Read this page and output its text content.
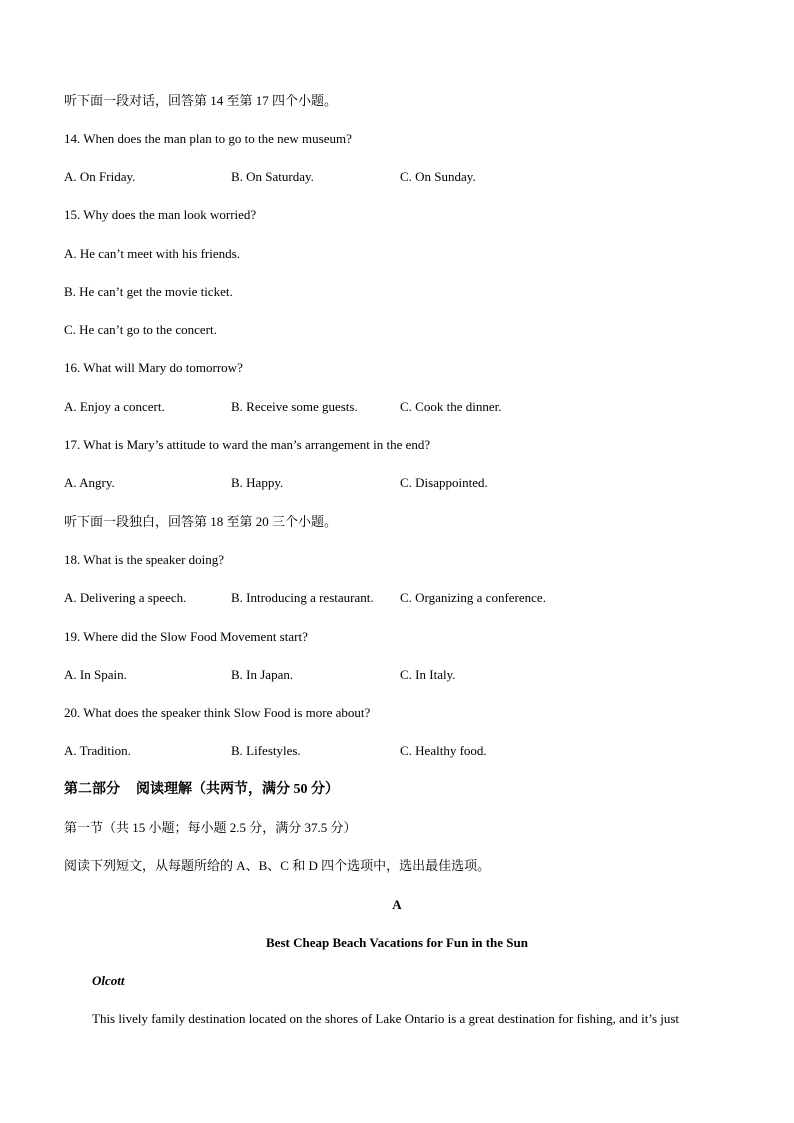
听下面一段对话，回答第 14 至第 17 四个小题。
14. When does the man plan to go to the new museum?
A. On Friday.	B. On Saturday.	C. On Sunday.
15. Why does the man look worried?
A. He can’t meet with his friends.
B. He can’t get the movie ticket.
C. He can’t go to the concert.
16. What will Mary do tomorrow?
A. Enjoy a concert.	B. Receive some guests.	C. Cook the dinner.
17. What is Mary’s attitude to ward the man’s arrangement in the end?
A. Angry.	B. Happy.	C. Disappointed.
听下面一段独白，回答第 18 至第 20 三个小题。
18. What is the speaker doing?
A. Delivering a speech.	B. Introducing a restaurant. C. Organizing a conference.
19. Where did the Slow Food Movement start?
A. In Spain.	B. In Japan.	C. In Italy.
20. What does the speaker think Slow Food is more about?
A. Tradition.	B. Lifestyles.	C. Healthy food.
第二部分 阅读理解（共两节，满分 50 分）
第一节（共 15 小题；每小题 2.5 分，满分 37.5 分）
阅读下列短文，从每题所给的 A、B、C 和 D 四个选项中，选出最佳选项。
A
Best Cheap Beach Vacations for Fun in the Sun
Olcott
This lively family destination located on the shores of Lake Ontario is a great destination for fishing, and it’s just
